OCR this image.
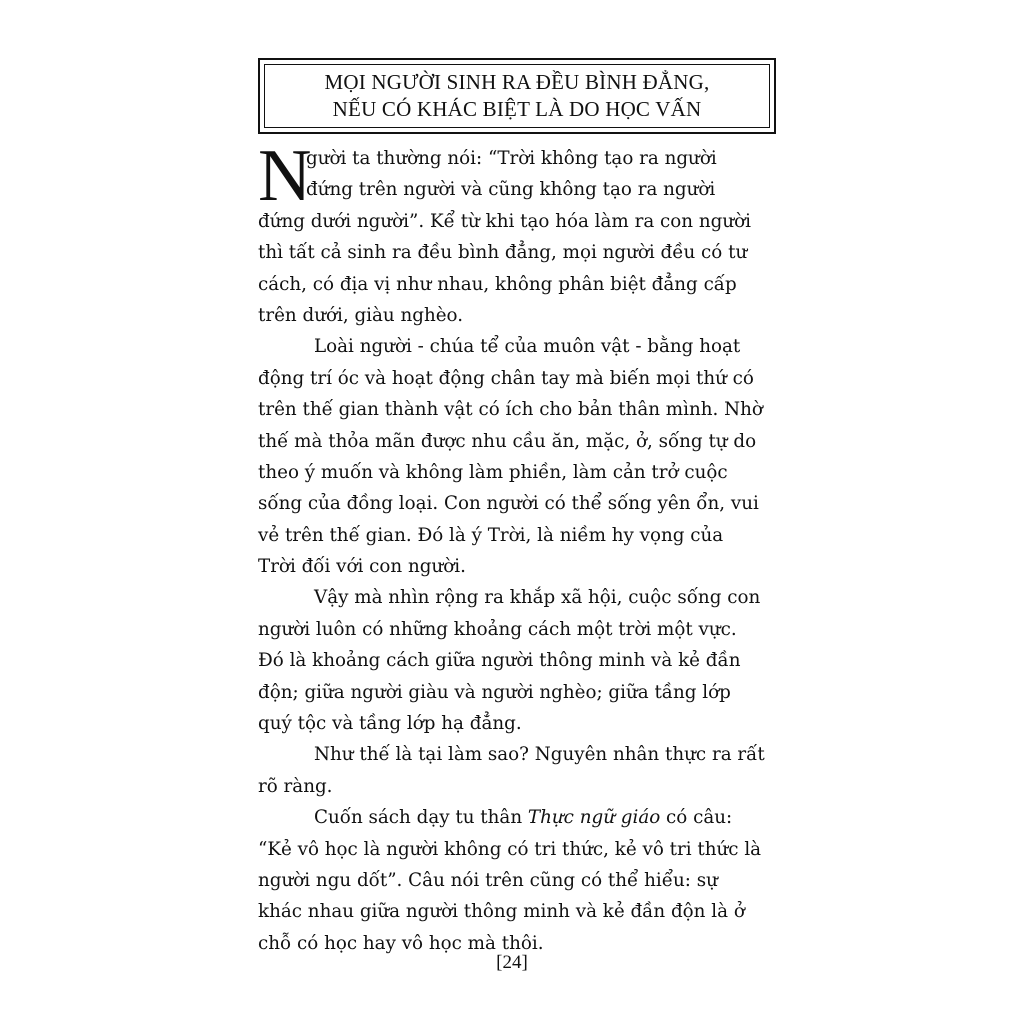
MỌI NGƯỜI SINH RA ĐỀU BÌNH ĐẲNG,
NẾU CÓ KHÁC BIỆT LÀ DO HỌC VẤN
N
gười ta thường nói: “Trời không tạo ra người
đứng trên người và cũng không tạo ra người
đứng dưới người”. Kể từ khi tạo hóa làm ra con người
thì tất cả sinh ra đều bình đẳng, mọi người đều có tư
cách, có địa vị như nhau, không phân biệt đẳng cấp
trên dưới, giàu nghèo.
Loài người - chúa tể của muôn vật - bằng hoạt
động trí óc và hoạt động chân tay mà biến mọi thứ có
trên thế gian thành vật có ích cho bản thân mình. Nhờ
thế mà thỏa mãn được nhu cầu ăn, mặc, ở, sống tự do
theo ý muốn và không làm phiền, làm cản trở cuộc
sống của đồng loại. Con người có thể sống yên ổn, vui
vẻ trên thế gian. Đó là ý Trời, là niềm hy vọng của
Trời đối với con người.
Vậy mà nhìn rộng ra khắp xã hội, cuộc sống con
người luôn có những khoảng cách một trời một vực.
Đó là khoảng cách giữa người thông minh và kẻ đần
độn; giữa người giàu và người nghèo; giữa tầng lớp
quý tộc và tầng lớp hạ đẳng.
Như thế là tại làm sao? Nguyên nhân thực ra rất
rõ ràng.
Cuốn sách dạy tu thân Thực ngữ giáo có câu:
“Kẻ vô học là người không có tri thức, kẻ vô tri thức là
người ngu dốt”. Câu nói trên cũng có thể hiểu: sự
khác nhau giữa người thông minh và kẻ đần độn là ở
chỗ có học hay vô học mà thôi.
[24]
